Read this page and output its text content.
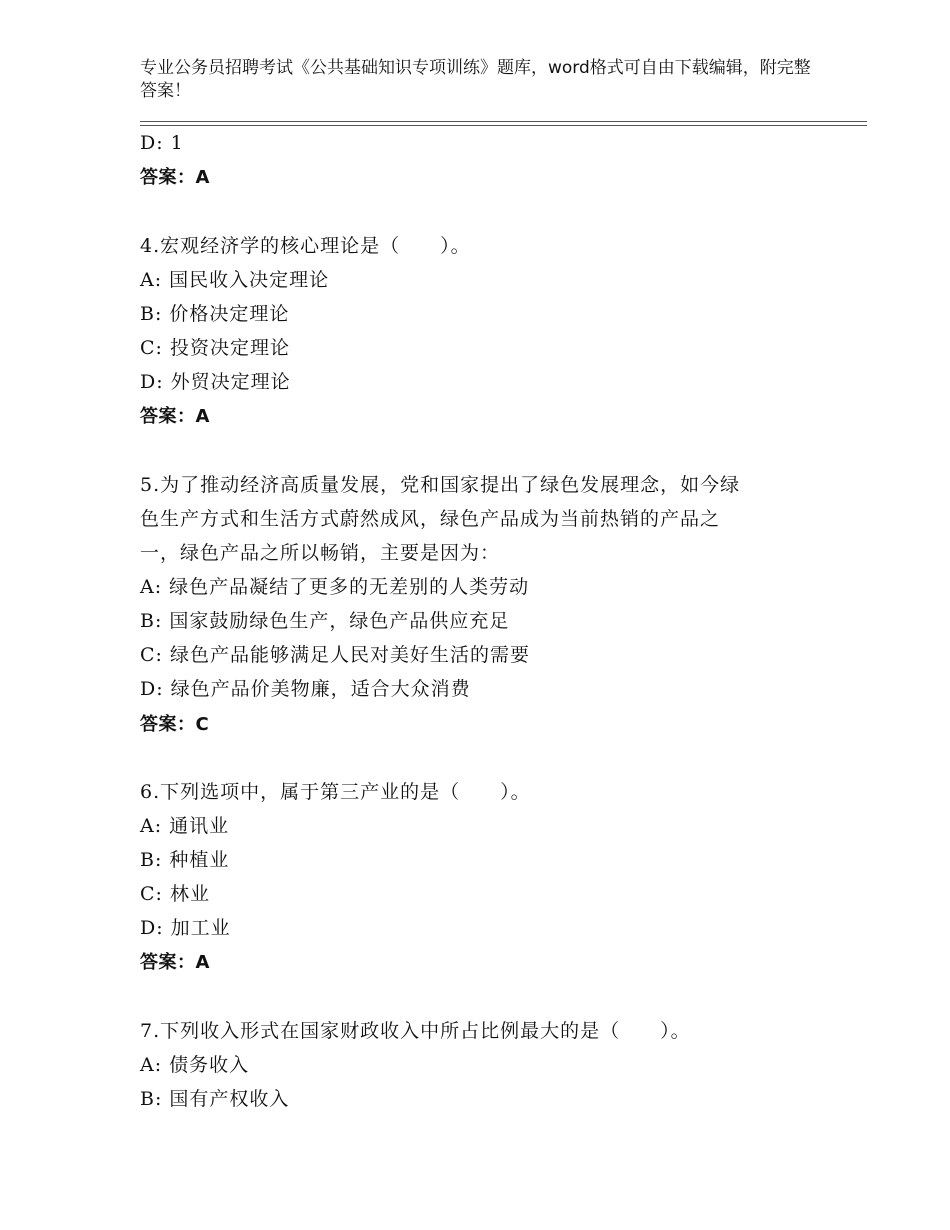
专业公务员招聘考试《公共基础知识专项训练》题库，word格式可自由下载编辑，附完整答案！
D: 1
答案：A
4.宏观经济学的核心理论是（　　）。
A: 国民收入决定理论
B: 价格决定理论
C: 投资决定理论
D: 外贸决定理论
答案：A
5.为了推动经济高质量发展，党和国家提出了绿色发展理念，如今绿
色生产方式和生活方式蔚然成风，绿色产品成为当前热销的产品之
一，绿色产品之所以畅销，主要是因为：
A: 绿色产品凝结了更多的无差别的人类劳动
B: 国家鼓励绿色生产，绿色产品供应充足
C: 绿色产品能够满足人民对美好生活的需要
D: 绿色产品价美物廉，适合大众消费
答案：C
6.下列选项中，属于第三产业的是（　　）。
A: 通讯业
B: 种植业
C: 林业
D: 加工业
答案：A
7.下列收入形式在国家财政收入中所占比例最大的是（　　）。
A: 债务收入
B: 国有产权收入
